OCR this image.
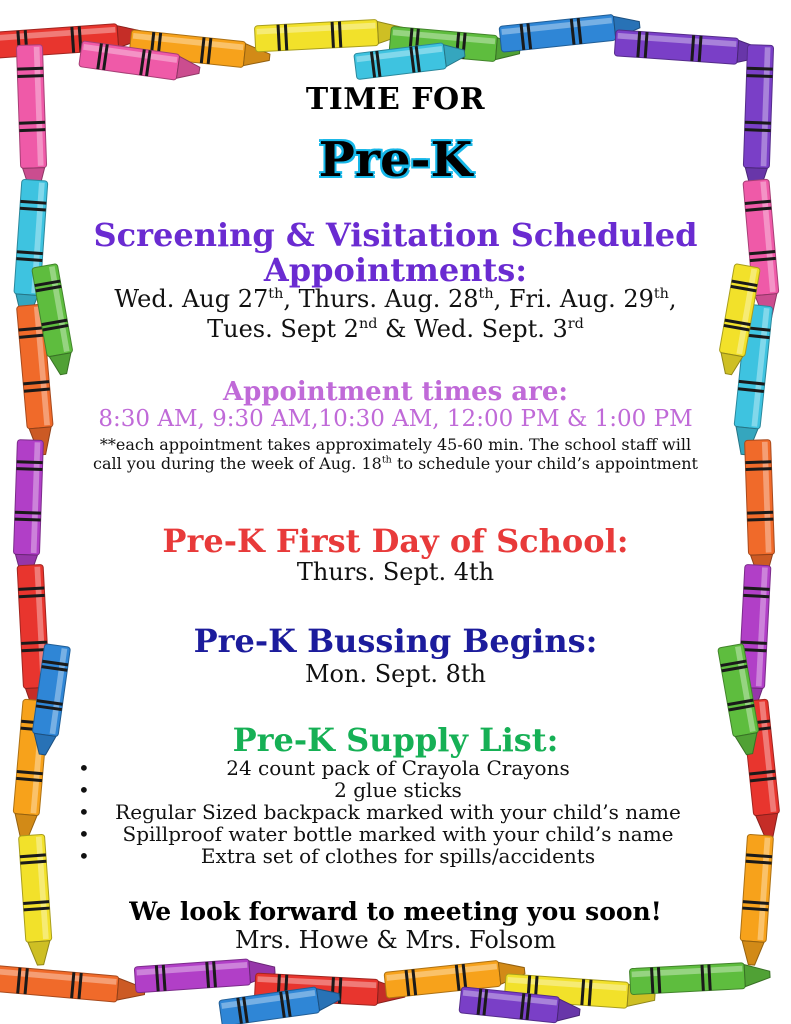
TIME FOR
Pre-K
Screening & Visitation Scheduled
Appointments:
Wed. Aug 27th, Thurs. Aug. 28th, Fri. Aug. 29th,
Tues. Sept 2nd & Wed. Sept. 3rd
Appointment times are:
8:30 AM, 9:30 AM,10:30 AM, 12:00 PM & 1:00 PM
**each appointment takes approximately 45-60 min. The school staff will call you during the week of Aug. 18th to schedule your child’s appointment
Pre-K First Day of School:
Thurs. Sept. 4th
Pre-K Bussing Begins:
Mon. Sept. 8th
Pre-K Supply List:
We look forward to meeting you soon!
Mrs. Howe & Mrs. Folsom
•	24 count pack of Crayola Crayons
•	2 glue sticks
• Regular Sized backpack marked with your child’s name
• Spillproof water bottle marked with your child’s name
•	Extra set of clothes for spills/accidents
